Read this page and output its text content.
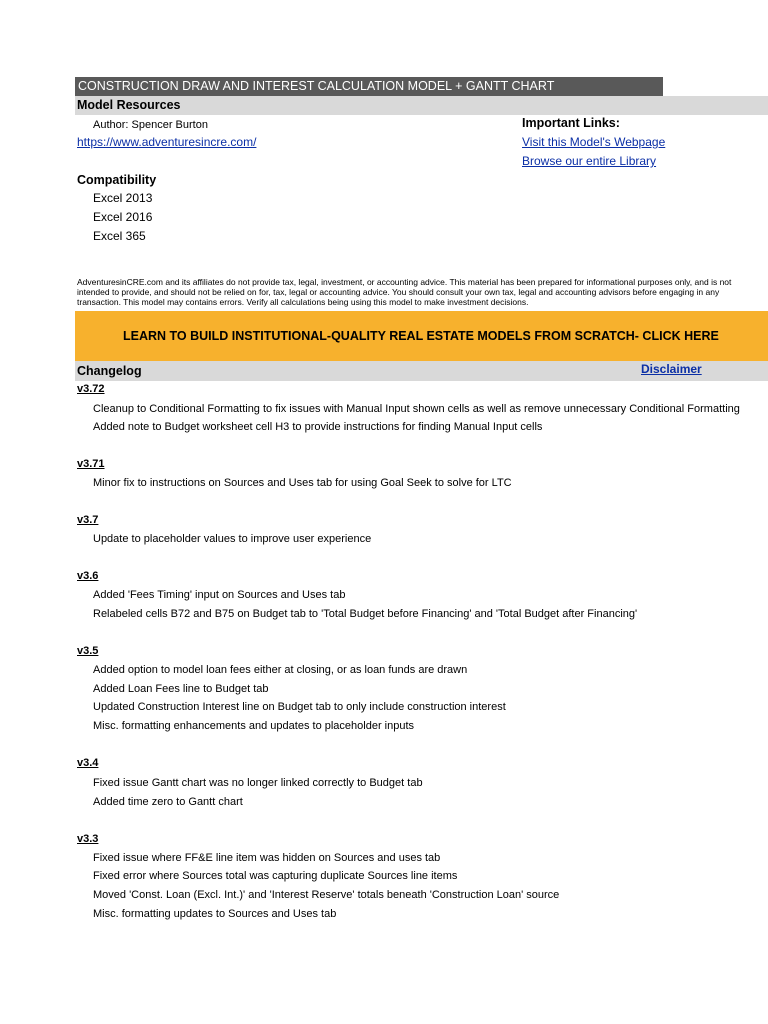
CONSTRUCTION DRAW AND INTEREST CALCULATION MODEL + GANTT CHART
Model Resources
Author: Spencer Burton
https://www.adventuresincre.com/
Important Links:
Visit this Model's Webpage
Browse our entire Library
Compatibility
Excel 2013
Excel 2016
Excel 365
AdventuresinCRE.com and its affiliates do not provide tax, legal, investment, or accounting advice. This material has been prepared for informational purposes only, and is not
intended to provide, and should not be relied on for, tax, legal or accounting advice. You should consult your own tax, legal and accounting advisors before engaging in any
transaction. This model may contains errors. Verify all calculations being using this model to make investment decisions.
LEARN TO BUILD INSTITUTIONAL-QUALITY REAL ESTATE MODELS FROM SCRATCH- CLICK HERE
Changelog	Disclaimer
v3.72
Cleanup to Conditional Formatting to fix issues with Manual Input shown cells as well as remove unnecessary Conditional Formatting
Added note to Budget worksheet cell H3 to provide instructions for finding Manual Input cells
v3.71
Minor fix to instructions on Sources and Uses tab for using Goal Seek to solve for LTC
v3.7
Update to placeholder values to improve user experience
v3.6
Added 'Fees Timing' input on Sources and Uses tab
Relabeled cells B72 and B75 on Budget tab to 'Total Budget before Financing' and 'Total Budget after Financing'
v3.5
Added option to model loan fees either at closing, or as loan funds are drawn
Added Loan Fees line to Budget tab
Updated Construction Interest line on Budget tab to only include construction interest
Misc. formatting enhancements and updates to placeholder inputs
v3.4
Fixed issue Gantt chart was no longer linked correctly to Budget tab
Added time zero to Gantt chart
v3.3
Fixed issue where FF&E line item was hidden on Sources and uses tab
Fixed error where Sources total was capturing duplicate Sources line items
Moved 'Const. Loan (Excl. Int.)' and 'Interest Reserve' totals beneath 'Construction Loan' source
Misc. formatting updates to Sources and Uses tab
